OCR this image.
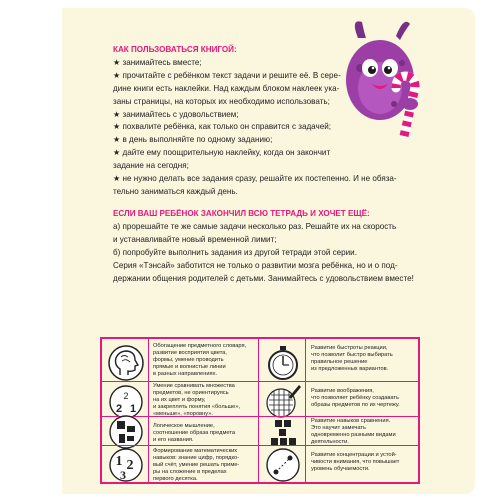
КАК ПОЛЬЗОВАТЬСЯ КНИГОЙ:
★ занимайтесь вместе;
★ прочитайте с ребёнком текст задачи и решите её. В сере-
дине книги есть наклейки. Над каждым блоком наклеек ука-
заны страницы, на которых их необходимо использовать;
★ занимайтесь с удовольствием;
★ похвалите ребёнка, как только он справится с задачей;
★ в день выполняйте по одному заданию;
★ дайте ему поощрительную наклейку, когда он закончит
задание на сегодня;
★ не нужно делать все задания сразу, решайте их постепенно. И не обяза-
тельно заниматься каждый день.
ЕСЛИ ВАШ РЕБЁНОК ЗАКОНЧИЛ ВСЮ ТЕТРАДЬ И ХОЧЕТ ЕЩЁ:
а) прорешайте те же самые задачи несколько раз. Решайте их на скорость
и устанавливайте новый временной лимит;
б) попробуйте выполнить задания из другой тетради этой серии.
Серия «Тэнсай» заботится не только о развитии мозга ребёнка, но и о под-
держании общения родителей с детьми. Занимайтесь с удовольствием вместе!
Обогащение предметного словаря,
развитие восприятия цвета,
формы, умение проводить
прямые и волнистые линии
в разных направлениях.
Развитие быстроты реакции,
что позволит быстро выбирать
правильное решение
из предложенных вариантов.
2
2 1
Умение сравнивать множества
предметов, не ориентируясь
на их цвет и форму,
и закреплять понятия «больше»,
«меньше», «поровну».
Развитие воображения,
что позволяет ребёнку создавать
образы предметов по их чертежу.
Логическое мышление,
соотношение образа предмета
и его названия.
Развитие навыков сравнения.
Это научит замечать
одновременно разными видами
деятельности.
1 2
3
Формирование математических
навыков: знание цифр, порядко-
вый счёт, умение решать приме-
ры на сложение в пределах
первого десятка.
Развитие концентрации и устой-
чивости внимания, что повышает
уровень обучаемости.
